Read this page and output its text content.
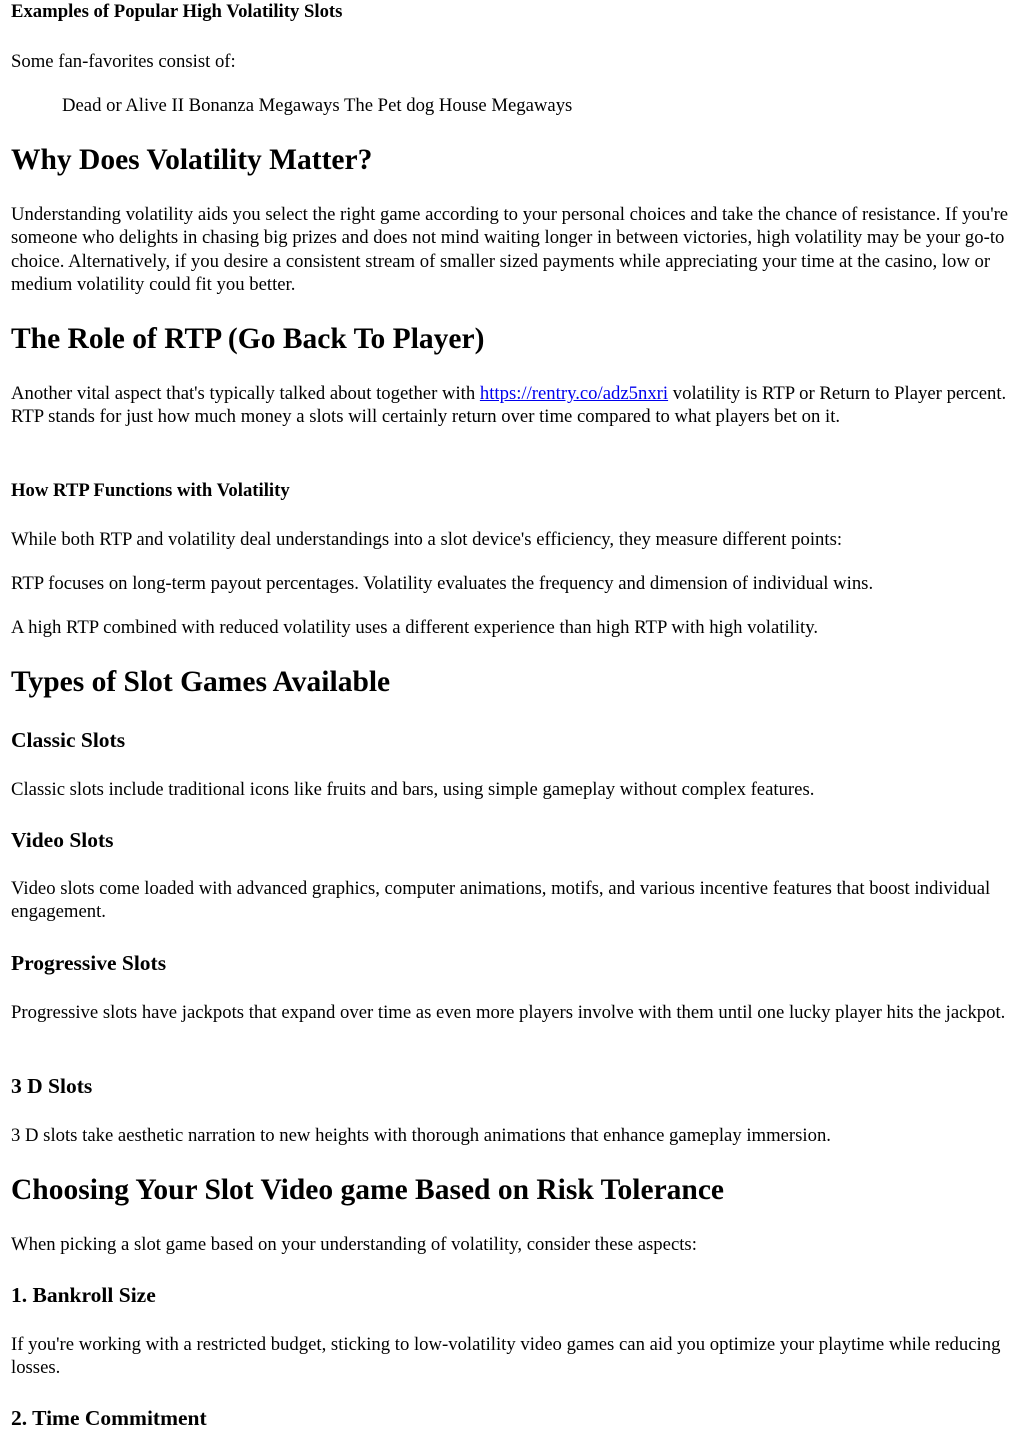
Examples of Popular High Volatility Slots

Some fan-favorites consist of:

Dead or Alive II Bonanza Megaways The Pet dog House Megaways

Why Does Volatility Matter?

Understanding volatility aids you select the right game according to your personal choices and take the chance of resistance. If you're someone who delights in chasing big prizes and does not mind waiting longer in between victories, high volatility may be your go-to choice. Alternatively, if you desire a consistent stream of smaller sized payments while appreciating your time at the casino, low or medium volatility could fit you better.

The Role of RTP (Go Back To Player)

Another vital aspect that's typically talked about together with https://rentry.co/adz5nxri volatility is RTP or Return to Player percent. RTP stands for just how much money a slots will certainly return over time compared to what players bet on it.

How RTP Functions with Volatility

While both RTP and volatility deal understandings into a slot device's efficiency, they measure different points:

RTP focuses on long-term payout percentages. Volatility evaluates the frequency and dimension of individual wins.

A high RTP combined with reduced volatility uses a different experience than high RTP with high volatility.

Types of Slot Games Available
Classic Slots

Classic slots include traditional icons like fruits and bars, using simple gameplay without complex features.

Video Slots

Video slots come loaded with advanced graphics, computer animations, motifs, and various incentive features that boost individual engagement.

Progressive Slots

Progressive slots have jackpots that expand over time as even more players involve with them until one lucky player hits the jackpot.

3 D Slots

3 D slots take aesthetic narration to new heights with thorough animations that enhance gameplay immersion.

Choosing Your Slot Video game Based on Risk Tolerance

When picking a slot game based on your understanding of volatility, consider these aspects:

1. Bankroll Size

If you're working with a restricted budget, sticking to low-volatility video games can aid you optimize your playtime while reducing losses.

2. Time Commitment
